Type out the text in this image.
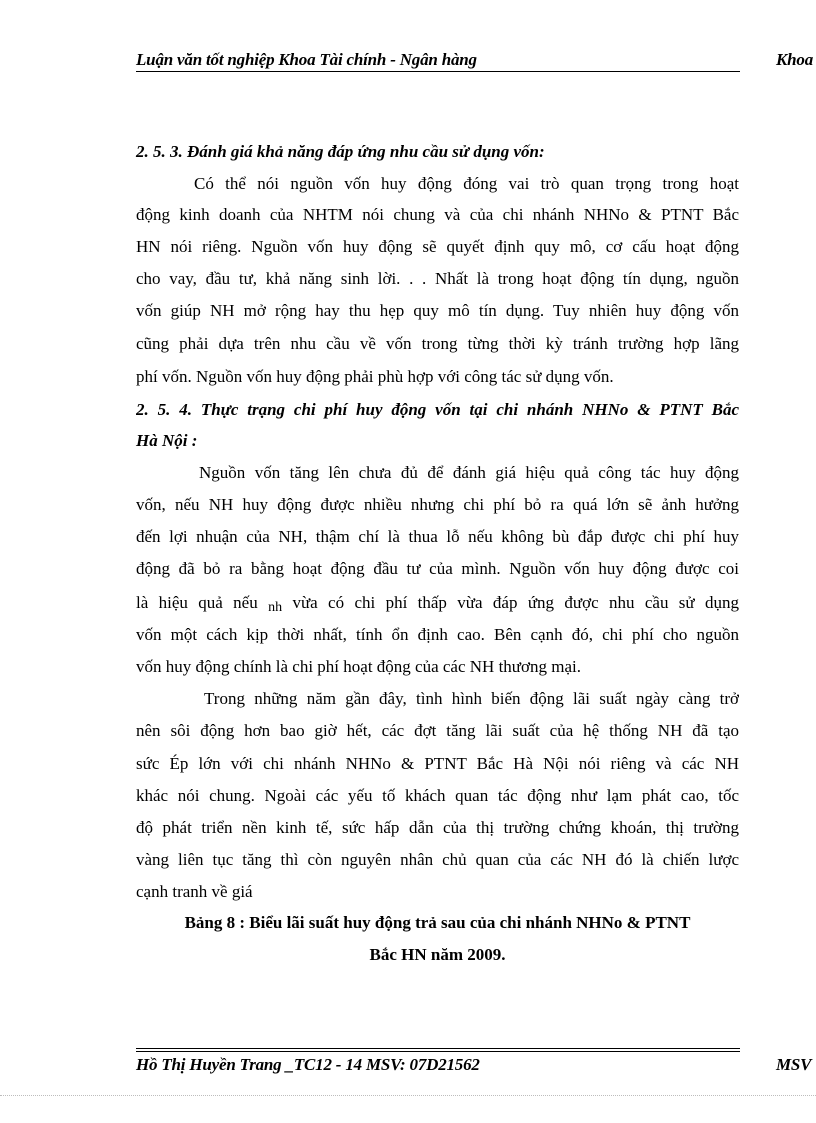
Luận văn tốt nghiệp Khoa Tài chính - Ngân hàng	Khoa
2. 5. 3. Đánh giá khả năng đáp ứng nhu cầu sử dụng vốn:
Có thể nói nguồn vốn huy động đóng vai trò quan trọng trong hoạt
động kinh doanh của NHTM nói chung và của chi nhánh NHNo & PTNT Bắc
HN nói riêng. Nguồn vốn huy động sẽ quyết định quy mô, cơ cấu hoạt động
cho vay, đầu tư, khả năng sinh lời. . . Nhất là trong hoạt động tín dụng, nguồn
vốn giúp NH mở rộng hay thu hẹp quy mô tín dụng. Tuy nhiên huy động vốn
cũng phải dựa trên nhu cầu về vốn trong từng thời kỳ tránh trường hợp lãng
phí vốn. Nguồn vốn huy động phải phù hợp với công tác sử dụng vốn.
2. 5. 4. Thực trạng chi phí huy động vốn tại chi nhánh NHNo & PTNT Bắc
Hà Nội :
Nguồn vốn tăng lên chưa đủ để đánh giá hiệu quả công tác huy động
vốn, nếu NH huy động được nhiều nhưng chi phí bỏ ra quá lớn sẽ ảnh hưởng
đến lợi nhuận của NH, thậm chí là thua lỗ nếu không bù đắp được chi phí huy
động đã bỏ ra bằng hoạt động đầu tư của mình. Nguồn vốn huy động được coi
là hiệu quả nếu nh vừa có chi phí thấp vừa đáp ứng được nhu cầu sử dụng
vốn một cách kịp thời nhất, tính ổn định cao. Bên cạnh đó, chi phí cho nguồn
vốn huy động chính là chi phí hoạt động của các NH thương mại.
Trong những năm gần đây, tình hình biến động lãi suất ngày càng trở
nên sôi động hơn bao giờ hết, các đợt tăng lãi suất của hệ thống NH đã tạo
sức Ép lớn với chi nhánh NHNo & PTNT Bắc Hà Nội nói riêng và các NH
khác nói chung. Ngoài các yếu tố khách quan tác động như lạm phát cao, tốc
độ phát triển nền kinh tế, sức hấp dẫn của thị trường chứng khoán, thị trường
vàng liên tục tăng thì còn nguyên nhân chủ quan của các NH đó là chiến lược
cạnh tranh về giá
Bảng 8 : Biểu lãi suất huy động trả sau của chi nhánh NHNo & PTNT
Bắc HN năm 2009.
Hồ Thị Huyền Trang _TC12 - 14 MSV: 07D21562	MSV
